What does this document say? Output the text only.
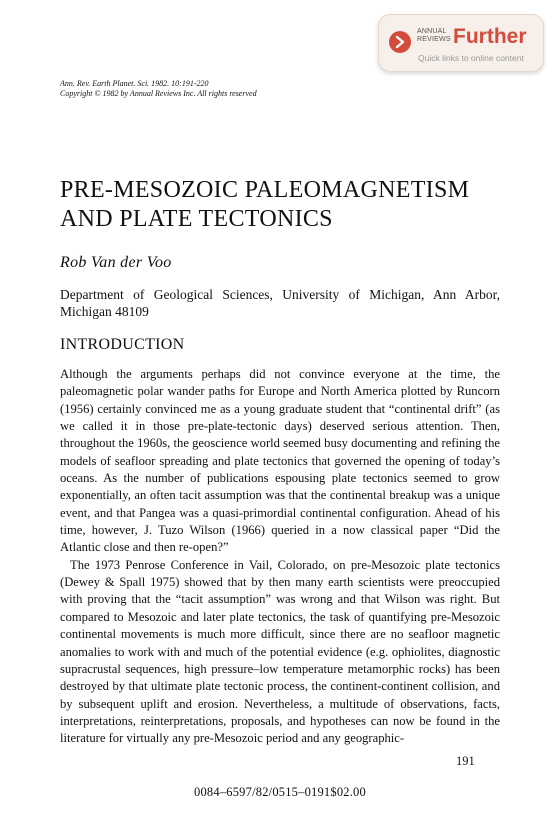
ANNUAL
REVIEWS Further
Quick links to online content
Ann. Rev. Earth Planet. Sci. 1982. 10:191-220
Copyright © 1982 by Annual Reviews Inc. All rights reserved
PRE-MESOZOIC PALEOMAGNETISM
AND PLATE TECTONICS
Rob Van der Voo
Department of Geological Sciences, University of Michigan, Ann Arbor, Michigan 48109
INTRODUCTION

Although the arguments perhaps did not convince everyone at the time, the paleomagnetic polar wander paths for Europe and North America plotted by Runcorn (1956) certainly convinced me as a young graduate student that “continental drift” (as we called it in those pre-plate-tectonic days) deserved serious attention. Then, throughout the 1960s, the geoscience world seemed busy documenting and refining the models of seafloor spreading and plate tectonics that governed the opening of today’s oceans. As the number of publications espousing plate tectonics seemed to grow exponentially, an often tacit assumption was that the continental breakup was a unique event, and that Pangea was a quasi-primordial continental configuration. Ahead of his time, however, J. Tuzo Wilson (1966) queried in a now classical paper “Did the Atlantic close and then re-open?”

The 1973 Penrose Conference in Vail, Colorado, on pre-Mesozoic plate tectonics (Dewey & Spall 1975) showed that by then many earth scientists were preoccupied with proving that the “tacit assumption” was wrong and that Wilson was right. But compared to Mesozoic and later plate tectonics, the task of quantifying pre-Mesozoic continental movements is much more difficult, since there are no seafloor magnetic anomalies to work with and much of the potential evidence (e.g. ophiolites, diagnostic supracrustal sequences, high pressure–low temperature metamorphic rocks) has been destroyed by that ultimate plate tectonic process, the continent-continent collision, and by subsequent uplift and erosion. Nevertheless, a multitude of observations, facts, interpretations, reinterpretations, proposals, and hypotheses can now be found in the literature for virtually any pre-Mesozoic period and any geographic-

191
0084–6597/82/0515–0191$02.00
